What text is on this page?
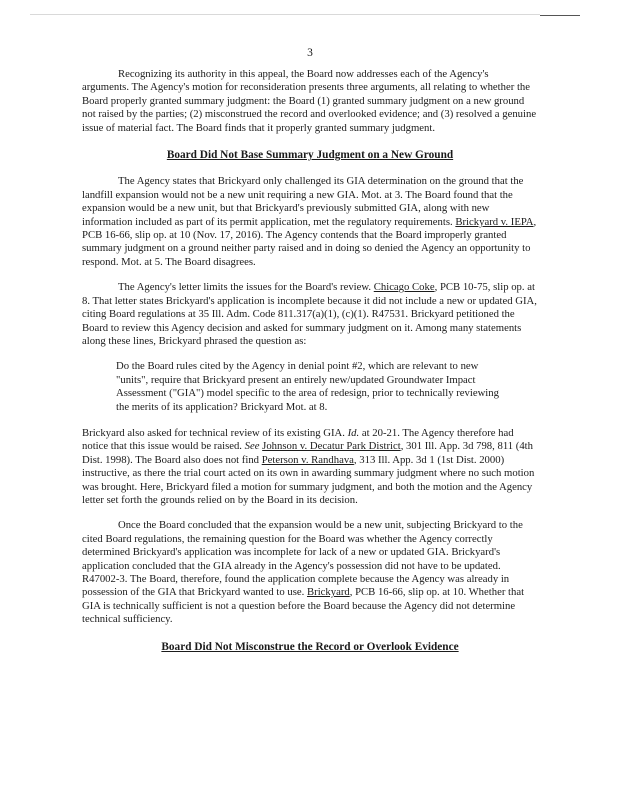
3

Recognizing its authority in this appeal, the Board now addresses each of the Agency's arguments. The Agency's motion for reconsideration presents three arguments, all relating to whether the Board properly granted summary judgment: the Board (1) granted summary judgment on a new ground not raised by the parties; (2) misconstrued the record and overlooked evidence; and (3) resolved a genuine issue of material fact. The Board finds that it properly granted summary judgment.

Board Did Not Base Summary Judgment on a New Ground

The Agency states that Brickyard only challenged its GIA determination on the ground that the landfill expansion would not be a new unit requiring a new GIA. Mot. at 3. The Board found that the expansion would be a new unit, but that Brickyard's previously submitted GIA, along with new information included as part of its permit application, met the regulatory requirements. Brickyard v. IEPA, PCB 16-66, slip op. at 10 (Nov. 17, 2016). The Agency contends that the Board improperly granted summary judgment on a ground neither party raised and in doing so denied the Agency an opportunity to respond. Mot. at 5. The Board disagrees.

The Agency's letter limits the issues for the Board's review. Chicago Coke, PCB 10-75, slip op. at 8. That letter states Brickyard's application is incomplete because it did not include a new or updated GIA, citing Board regulations at 35 Ill. Adm. Code 811.317(a)(1), (c)(1). R47531. Brickyard petitioned the Board to review this Agency decision and asked for summary judgment on it. Among many statements along these lines, Brickyard phrased the question as:

Do the Board rules cited by the Agency in denial point #2, which are relevant to new "units", require that Brickyard present an entirely new/updated Groundwater Impact Assessment ("GIA") model specific to the area of redesign, prior to technically reviewing the merits of its application? Brickyard Mot. at 8.

Brickyard also asked for technical review of its existing GIA. Id. at 20-21. The Agency therefore had notice that this issue would be raised. See Johnson v. Decatur Park District, 301 Ill. App. 3d 798, 811 (4th Dist. 1998). The Board also does not find Peterson v. Randhava, 313 Ill. App. 3d 1 (1st Dist. 2000) instructive, as there the trial court acted on its own in awarding summary judgment where no such motion was brought. Here, Brickyard filed a motion for summary judgment, and both the motion and the Agency letter set forth the grounds relied on by the Board in its decision.

Once the Board concluded that the expansion would be a new unit, subjecting Brickyard to the cited Board regulations, the remaining question for the Board was whether the Agency correctly determined Brickyard's application was incomplete for lack of a new or updated GIA. Brickyard's application concluded that the GIA already in the Agency's possession did not have to be updated. R47002-3. The Board, therefore, found the application complete because the Agency was already in possession of the GIA that Brickyard wanted to use. Brickyard, PCB 16-66, slip op. at 10. Whether that GIA is technically sufficient is not a question before the Board because the Agency did not determine technical sufficiency.

Board Did Not Misconstrue the Record or Overlook Evidence
